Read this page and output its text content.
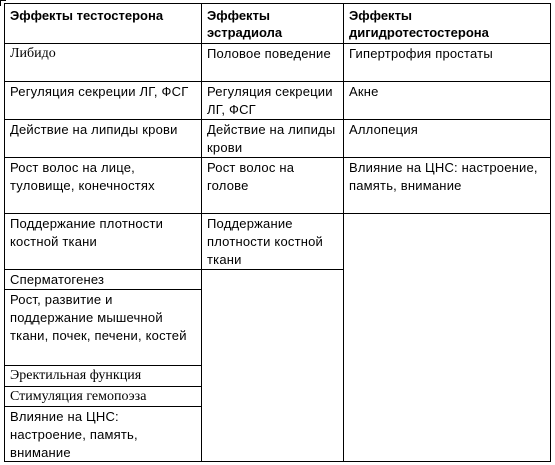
Эффекты тестостерона
Либидо
Регуляция секреции ЛГ, ФСГ
Действие на липиды крови
Рост волос на лице, туловище, конечностях
Поддержание плотности костной ткани
Сперматогенез
Рост, развитие и поддержание мышечной ткани, почек, печени, костей
Эректильная функция
Стимуляция гемопоэза
Влияние на ЦНС: настроение, память, внимание
Эффекты эстрадиола
Половое поведение
Регуляция секреции ЛГ, ФСГ
Действие на липиды крови
Рост волос на голове
Поддержание плотности костной ткани
Эффекты дигидротестостерона
Гипертрофия простаты
Акне
Аллопеция
Влияние на ЦНС: настроение, память, внимание
